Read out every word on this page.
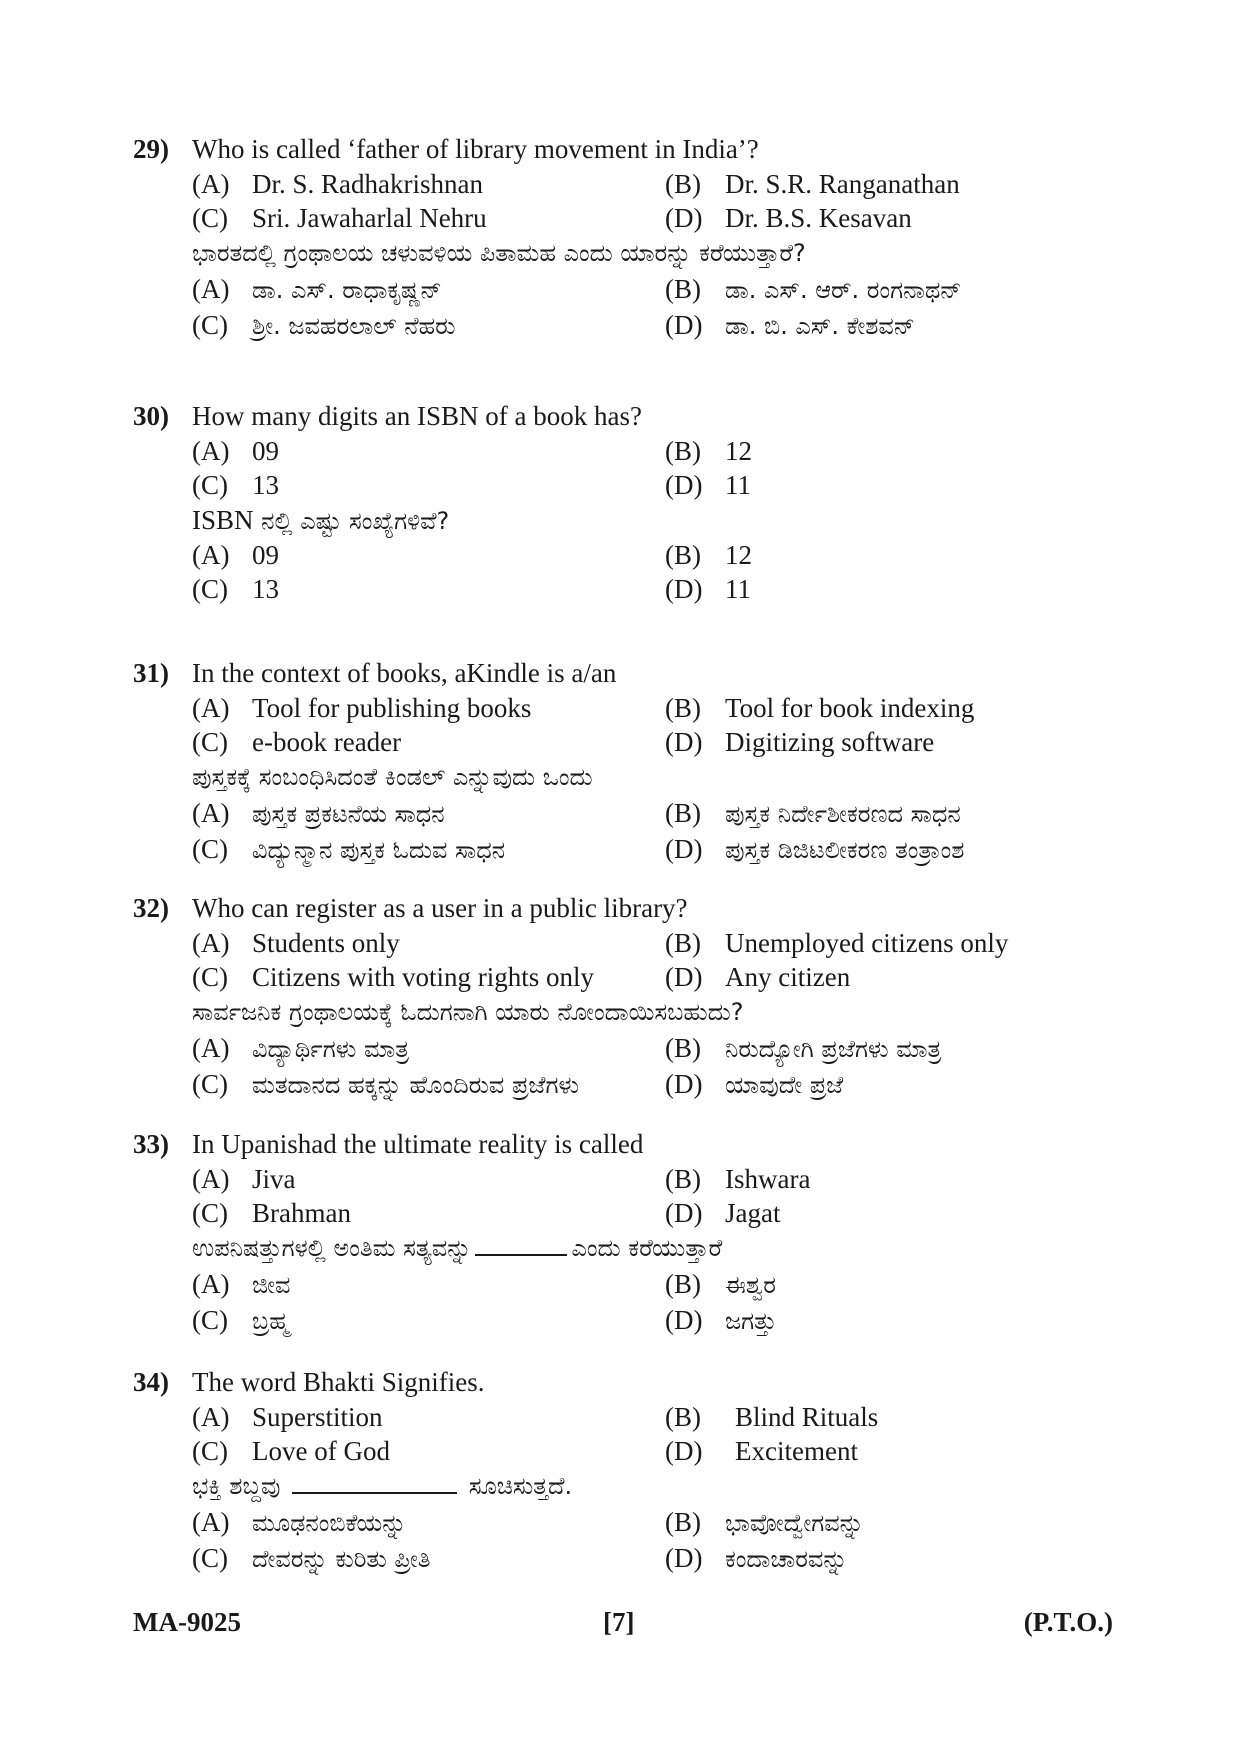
29) Who is called ‘father of library movement in India’?
(A) Dr. S. Radhakrishnan	(B) Dr. S.R. Ranganathan
(C) Sri. Jawaharlal Nehru	(D) Dr. B.S. Kesavan
ಭಾರತದಲ್ಲಿ ಗ್ರಂಥಾಲಯ ಚಳುವಳಿಯ ಪಿತಾಮಹ ಎಂದು ಯಾರನ್ನು ಕರೆಯುತ್ತಾರೆ?
(A) ಡಾ. ಎಸ್. ರಾಧಾಕೃಷ್ಣನ್	(B) ಡಾ. ಎಸ್. ಆರ್. ರಂಗನಾಥನ್
(C) ಶ್ರೀ. ಜವಹರಲಾಲ್ ನೆಹರು	(D) ಡಾ. ಬಿ. ಎಸ್. ಕೇಶವನ್
30) How many digits an ISBN of a book has?
(A) 09	(B) 12
(C) 13	(D) 11
ISBN ನಲ್ಲಿ ಎಷ್ಟು ಸಂಖ್ಯೆಗಳಿವೆ?
(A) 09	(B) 12
(C) 13	(D) 11
31) In the context of books, aKindle is a/an
(A) Tool for publishing books	(B) Tool for book indexing
(C) e-book reader	(D) Digitizing software
ಪುಸ್ತಕಕ್ಕೆ ಸಂಬಂಧಿಸಿದಂತೆ ಕಿಂಡಲ್ ಎನ್ನುವುದು ಒಂದು
(A) ಪುಸ್ತಕ ಪ್ರಕಟನೆಯ ಸಾಧನ	(B) ಪುಸ್ತಕ ನಿರ್ದೇಶೀಕರಣದ ಸಾಧನ
(C) ವಿದ್ಯುನ್ಮಾನ ಪುಸ್ತಕ ಓದುವ ಸಾಧನ	(D) ಪುಸ್ತಕ ಡಿಜಿಟಲೀಕರಣ ತಂತ್ರಾಂಶ
32) Who can register as a user in a public library?
(A) Students only	(B) Unemployed citizens only
(C) Citizens with voting rights only	(D) Any citizen
ಸಾರ್ವಜನಿಕ ಗ್ರಂಥಾಲಯಕ್ಕೆ ಓದುಗನಾಗಿ ಯಾರು ನೋಂದಾಯಿಸಬಹುದು?
(A) ವಿದ್ಯಾರ್ಥಿಗಳು ಮಾತ್ರ	(B) ನಿರುದ್ಯೋಗಿ ಪ್ರಜೆಗಳು ಮಾತ್ರ
(C) ಮತದಾನದ ಹಕ್ಕನ್ನು ಹೊಂದಿರುವ ಪ್ರಜೆಗಳು	(D) ಯಾವುದೇ ಪ್ರಜೆ
33) In Upanishad the ultimate reality is called
(A) Jiva	(B) Ishwara
(C) Brahman	(D) Jagat
ಉಪನಿಷತ್ತುಗಳಲ್ಲಿ ಅಂತಿಮ ಸತ್ಯವನ್ನು	ಎಂದು ಕರೆಯುತ್ತಾರೆ
(A) ಜೀವ	(B) ಈಶ್ವರ
(C) ಬ್ರಹ್ಮ	(D) ಜಗತ್ತು
34) The word Bhakti Signifies.
(A) Superstition	(B) Blind Rituals
(C) Love of God	(D) Excitement
ಭಕ್ತಿ ಶಬ್ದವು	ಸೂಚಿಸುತ್ತದೆ.
(A) ಮೂಢನಂಬಿಕೆಯನ್ನು	(B) ಭಾವೋದ್ವೇಗವನ್ನು
(C) ದೇವರನ್ನು ಕುರಿತು ಪ್ರೀತಿ	(D) ಕಂದಾಚಾರವನ್ನು
MA-9025	[7]	(P.T.O.)
